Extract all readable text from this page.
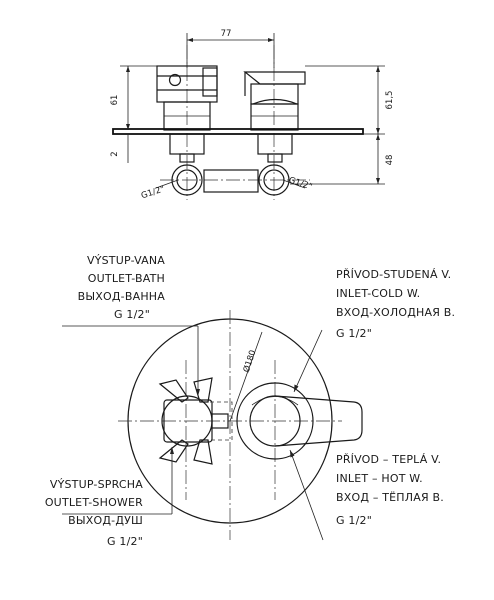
77
61
2
61,5
48
G1/2"
G1/2"
Ø180
VÝSTUP-VANA
OUTLET-BATH
ВЫХОД-ВАННА
G 1/2"
PŘÍVOD-STUDENÁ V.
INLET-COLD W.
ВХОД-ХОЛОДНАЯ В.
G 1/2"
VÝSTUP-SPRCHA
OUTLET-SHOWER
ВЫХОД-ДУШ
G 1/2"
PŘÍVOD – TEPLÁ V.
INLET – HOT W.
ВХОД – ТЁПЛАЯ В.
G 1/2"
